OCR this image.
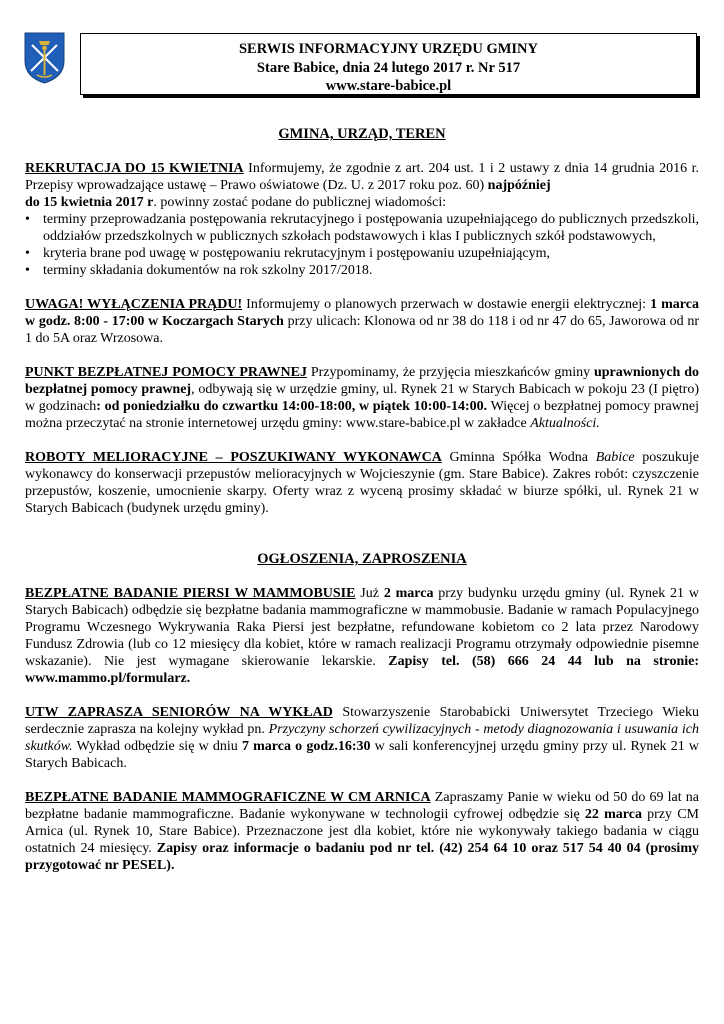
SERWIS INFORMACYJNY URZĘDU GMINY
Stare Babice, dnia 24 lutego 2017 r. Nr 517
www.stare-babice.pl

GMINA, URZĄD, TEREN

REKRUTACJA DO 15 KWIETNIA Informujemy, że zgodnie z art. 204 ust. 1 i 2 ustawy z dnia 14 grudnia 2016 r. Przepisy wprowadzające ustawę – Prawo oświatowe (Dz. U. z 2017 roku poz. 60) najpóźniej
do 15 kwietnia 2017 r. powinny zostać podane do publicznej wiadomości:

• terminy przeprowadzania postępowania rekrutacyjnego i postępowania uzupełniającego do publicznych przedszkoli, oddziałów przedszkolnych w publicznych szkołach podstawowych i klas I publicznych szkół podstawowych,
• kryteria brane pod uwagę w postępowaniu rekrutacyjnym i postępowaniu uzupełniającym,
• terminy składania dokumentów na rok szkolny 2017/2018.

UWAGA! WYŁĄCZENIA PRĄDU! Informujemy o planowych przerwach w dostawie energii elektrycznej: 1 marca w godz. 8:00 - 17:00 w Koczargach Starych przy ulicach: Klonowa od nr 38 do 118 i od nr 47 do 65, Jaworowa od nr 1 do 5A oraz Wrzosowa.

PUNKT BEZPŁATNEJ POMOCY PRAWNEJ Przypominamy, że przyjęcia mieszkańców gminy uprawnionych do bezpłatnej pomocy prawnej, odbywają się w urzędzie gminy, ul. Rynek 21 w Starych Babicach w pokoju 23 (I piętro) w godzinach: od poniedziałku do czwartku 14:00-18:00, w piątek 10:00-14:00. Więcej o bezpłatnej pomocy prawnej można przeczytać na stronie internetowej urzędu gminy: www.stare-babice.pl w zakładce Aktualności.

ROBOTY MELIORACYJNE – POSZUKIWANY WYKONAWCA Gminna Spółka Wodna Babice poszukuje wykonawcy do konserwacji przepustów melioracyjnych w Wojcieszynie (gm. Stare Babice). Zakres robót: czyszczenie przepustów, koszenie, umocnienie skarpy. Oferty wraz z wyceną prosimy składać w biurze spółki, ul. Rynek 21 w Starych Babicach (budynek urzędu gminy).

OGŁOSZENIA, ZAPROSZENIA

BEZPŁATNE BADANIE PIERSI W MAMMOBUSIE Już 2 marca przy budynku urzędu gminy (ul. Rynek 21 w Starych Babicach) odbędzie się bezpłatne badania mammograficzne w mammobusie. Badanie w ramach Populacyjnego Programu Wczesnego Wykrywania Raka Piersi jest bezpłatne, refundowane kobietom co 2 lata przez Narodowy Fundusz Zdrowia (lub co 12 miesięcy dla kobiet, które w ramach realizacji Programu otrzymały odpowiednie pisemne wskazanie). Nie jest wymagane skierowanie lekarskie. Zapisy tel. (58) 666 24 44 lub na stronie: www.mammo.pl/formularz.

UTW ZAPRASZA SENIORÓW NA WYKŁAD Stowarzyszenie Starobabicki Uniwersytet Trzeciego Wieku serdecznie zaprasza na kolejny wykład pn. Przyczyny schorzeń cywilizacyjnych - metody diagnozowania i usuwania ich skutków. Wykład odbędzie się w dniu 7 marca o godz.16:30 w sali konferencyjnej urzędu gminy przy ul. Rynek 21 w Starych Babicach.

BEZPŁATNE BADANIE MAMMOGRAFICZNE W CM ARNICA Zapraszamy Panie w wieku od 50 do 69 lat na bezpłatne badanie mammograficzne. Badanie wykonywane w technologii cyfrowej odbędzie się 22 marca przy CM Arnica (ul. Rynek 10, Stare Babice). Przeznaczone jest dla kobiet, które nie wykonywały takiego badania w ciągu ostatnich 24 miesięcy. Zapisy oraz informacje o badaniu pod nr tel. (42) 254 64 10 oraz 517 54 40 04 (prosimy przygotować nr PESEL).
